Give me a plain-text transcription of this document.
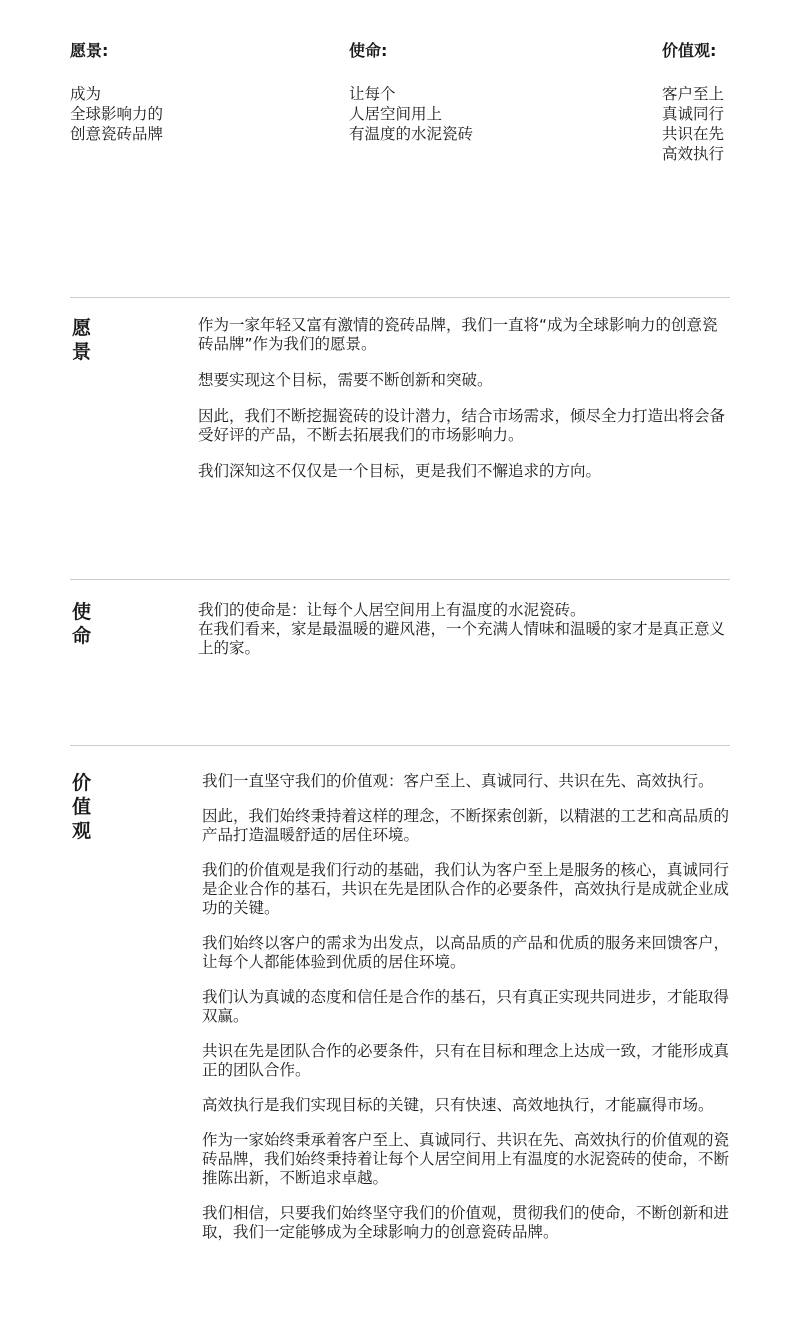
愿景:
成为
全球影响力的
创意瓷砖品牌
使命:
让每个
人居空间用上
有温度的水泥瓷砖
价值观:
客户至上
真诚同行
共识在先
高效执行
愿
景

作为一家年轻又富有激情的瓷砖品牌，我们一直将“成为全球影响力的创意瓷砖品牌”作为我们的愿景。

想要实现这个目标，需要不断创新和突破。

因此，我们不断挖掘瓷砖的设计潜力，结合市场需求，倾尽全力打造出将会备受好评的产品，不断去拓展我们的市场影响力。

我们深知这不仅仅是一个目标，更是我们不懈追求的方向。

使
命

我们的使命是：让每个人居空间用上有温度的水泥瓷砖。

在我们看来，家是最温暖的避风港，一个充满人情味和温暖的家才是真正意义上的家。

价
值
观

我们一直坚守我们的价值观：客户至上、真诚同行、共识在先、高效执行。

因此，我们始终秉持着这样的理念，不断探索创新，以精湛的工艺和高品质的产品打造温暖舒适的居住环境。

我们的价值观是我们行动的基础，我们认为客户至上是服务的核心，真诚同行是企业合作的基石，共识在先是团队合作的必要条件，高效执行是成就企业成功的关键。

我们始终以客户的需求为出发点，以高品质的产品和优质的服务来回馈客户，让每个人都能体验到优质的居住环境。

我们认为真诚的态度和信任是合作的基石，只有真正实现共同进步，才能取得双赢。

共识在先是团队合作的必要条件，只有在目标和理念上达成一致，才能形成真正的团队合作。

高效执行是我们实现目标的关键，只有快速、高效地执行，才能赢得市场。

作为一家始终秉承着客户至上、真诚同行、共识在先、高效执行的价值观的瓷砖品牌，我们始终秉持着让每个人居空间用上有温度的水泥瓷砖的使命，不断推陈出新，不断追求卓越。

我们相信，只要我们始终坚守我们的价值观，贯彻我们的使命，不断创新和进取，我们一定能够成为全球影响力的创意瓷砖品牌。
